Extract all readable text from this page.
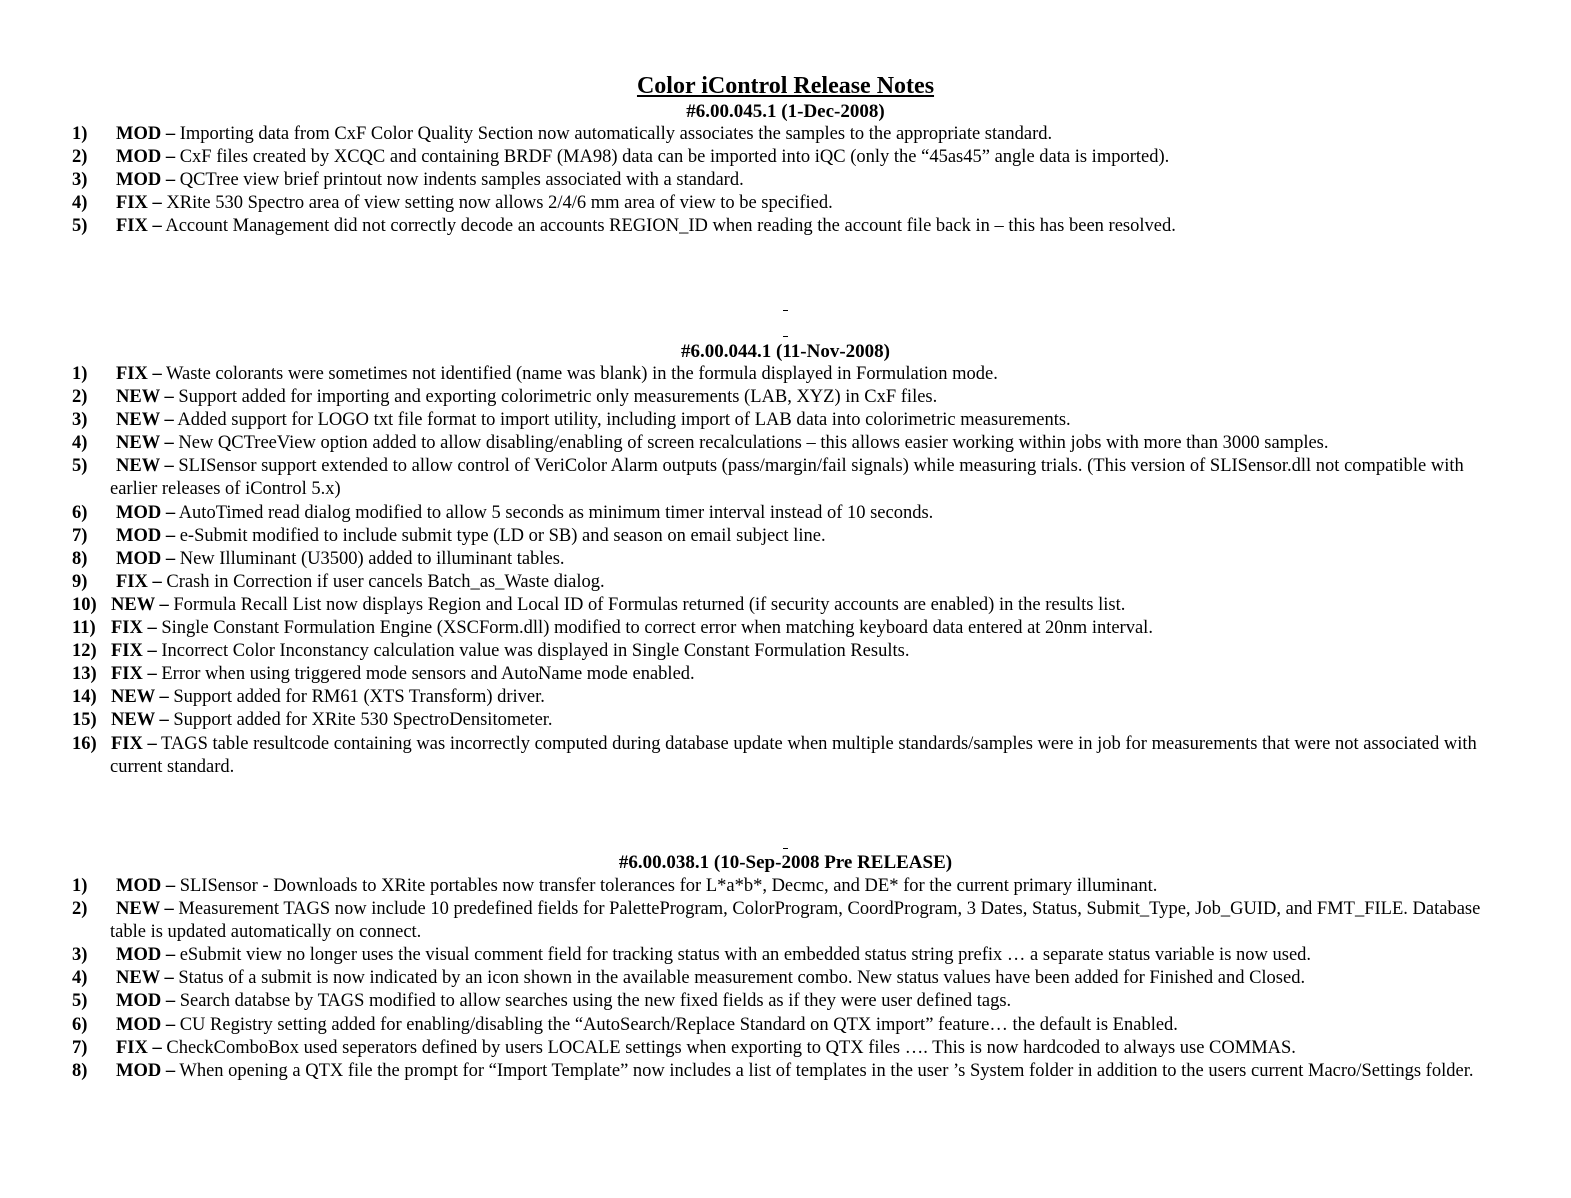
Color iControl Release Notes
#6.00.045.1 (1-Dec-2008)
1) MOD – Importing data from CxF Color Quality Section now automatically associates the samples to the appropriate standard.
2) MOD – CxF files created by XCQC and containing BRDF (MA98) data can be imported into iQC (only the “45as45” angle data is imported).
3) MOD – QCTree view brief printout now indents samples associated with a standard.
4) FIX – XRite 530 Spectro area of view setting now allows 2/4/6 mm area of view to be specified.
5) FIX – Account Management did not correctly decode an accounts REGION_ID when reading the account file back in – this has been resolved.
#6.00.044.1 (11-Nov-2008)
1) FIX – Waste colorants were sometimes not identified (name was blank) in the formula displayed in Formulation mode.
2) NEW – Support added for importing and exporting colorimetric only measurements (LAB, XYZ) in CxF files.
3) NEW – Added support for LOGO txt file format to import utility, including import of LAB data into colorimetric measurements.
4) NEW – New QCTreeView option added to allow disabling/enabling of screen recalculations – this allows easier working within jobs with more than 3000 samples.
5) NEW – SLISensor support extended to allow control of VeriColor Alarm outputs (pass/margin/fail signals) while measuring trials. (This version of SLISensor.dll not compatible with earlier releases of iControl 5.x)
6) MOD – AutoTimed read dialog modified to allow 5 seconds as minimum timer interval instead of 10 seconds.
7) MOD – e-Submit modified to include submit type (LD or SB) and season on email subject line.
8) MOD – New Illuminant (U3500) added to illuminant tables.
9) FIX – Crash in Correction if user cancels Batch_as_Waste dialog.
10) NEW – Formula Recall List now displays Region and Local ID of Formulas returned (if security accounts are enabled) in the results list.
11) FIX – Single Constant Formulation Engine (XSCForm.dll) modified to correct error when matching keyboard data entered at 20nm interval.
12) FIX – Incorrect Color Inconstancy calculation value was displayed in Single Constant Formulation Results.
13) FIX – Error when using triggered mode sensors and AutoName mode enabled.
14) NEW – Support added for RM61 (XTS Transform) driver.
15) NEW – Support added for XRite 530 SpectroDensitometer.
16) FIX – TAGS table resultcode containing was incorrectly computed during database update when multiple standards/samples were in job for measurements that were not associated with current standard.
#6.00.038.1 (10-Sep-2008 Pre RELEASE)
1) MOD – SLISensor - Downloads to XRite portables now transfer tolerances for L*a*b*, Decmc, and DE* for the current primary illuminant.
2) NEW – Measurement TAGS now include 10 predefined fields for PaletteProgram, ColorProgram, CoordProgram, 3 Dates, Status, Submit_Type, Job_GUID, and FMT_FILE. Database table is updated automatically on connect.
3) MOD – eSubmit view no longer uses the visual comment field for tracking status with an embedded status string prefix … a separate status variable is now used.
4) NEW – Status of a submit is now indicated by an icon shown in the available measurement combo. New status values have been added for Finished and Closed.
5) MOD – Search databse by TAGS modified to allow searches using the new fixed fields as if they were user defined tags.
6) MOD – CU Registry setting added for enabling/disabling the “AutoSearch/Replace Standard on QTX import” feature… the default is Enabled.
7) FIX – CheckComboBox used seperators defined by users LOCALE settings when exporting to QTX files …. This is now hardcoded to always use COMMAS.
8) MOD – When opening a QTX file the prompt for “Import Template” now includes a list of templates in the user ’s System folder in addition to the users current Macro/Settings folder.
